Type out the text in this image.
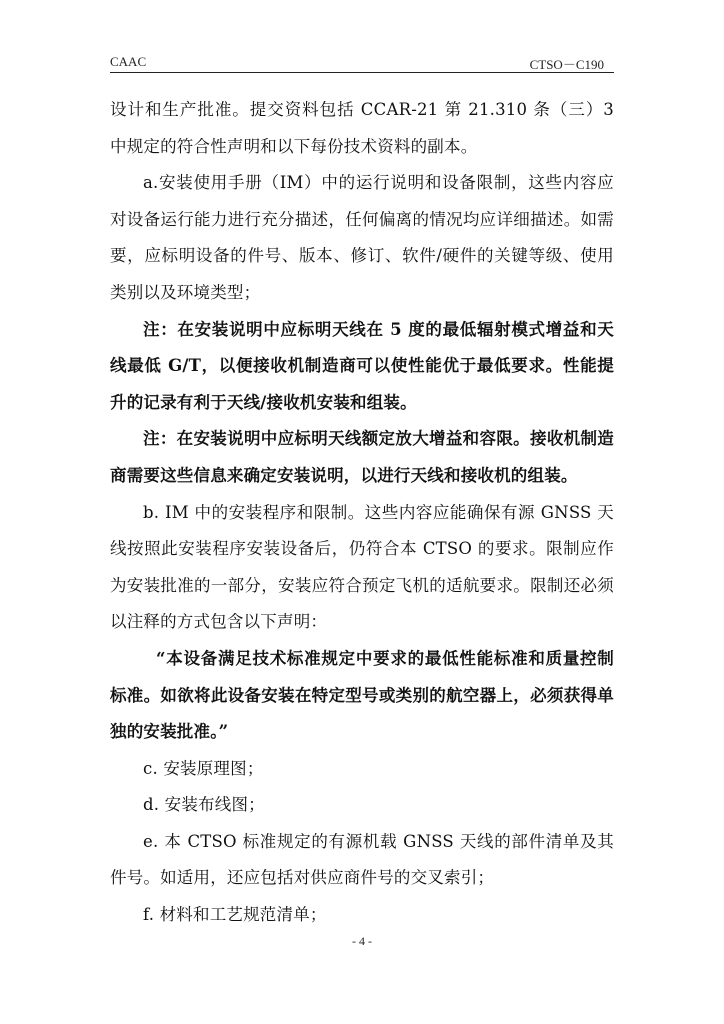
CAAC	CTSO－C190

设计和生产批准。提交资料包括 CCAR-21 第 21.310 条（三）3 中规定的符合性声明和以下每份技术资料的副本。

a.安装使用手册（IM）中的运行说明和设备限制，这些内容应对设备运行能力进行充分描述，任何偏离的情况均应详细描述。如需要，应标明设备的件号、版本、修订、软件/硬件的关键等级、使用类别以及环境类型；

注：在安装说明中应标明天线在 5 度的最低辐射模式增益和天线最低 G/T，以便接收机制造商可以使性能优于最低要求。性能提升的记录有利于天线/接收机安装和组装。

注：在安装说明中应标明天线额定放大增益和容限。接收机制造商需要这些信息来确定安装说明，以进行天线和接收机的组装。

b. IM 中的安装程序和限制。这些内容应能确保有源 GNSS 天线按照此安装程序安装设备后，仍符合本 CTSO 的要求。限制应作为安装批准的一部分，安装应符合预定飞机的适航要求。限制还必须以注释的方式包含以下声明：

“本设备满足技术标准规定中要求的最低性能标准和质量控制标准。如欲将此设备安装在特定型号或类别的航空器上，必须获得单独的安装批准。”

c. 安装原理图；

d. 安装布线图；

e. 本 CTSO 标准规定的有源机载 GNSS 天线的部件清单及其件号。如适用，还应包括对供应商件号的交叉索引；

f. 材料和工艺规范清单；

- 4 -
